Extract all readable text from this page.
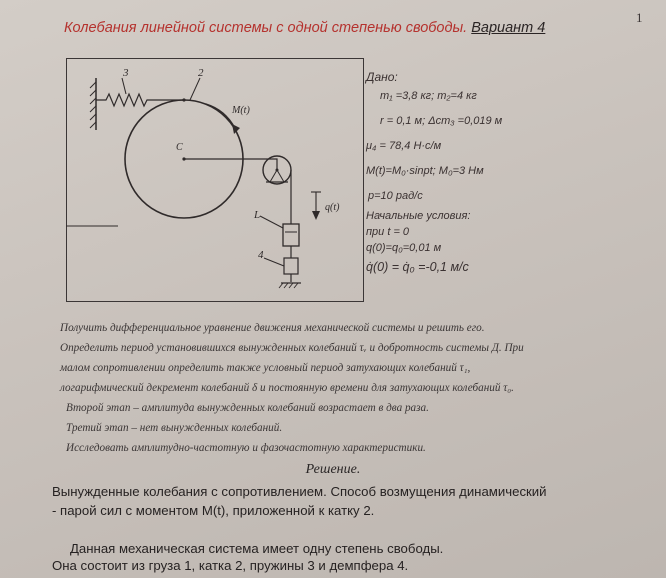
1
Колебания линейной системы с одной степенью свободы. Вариант 4
3
C
2
M(t)
L
4
q(t)
Дано:
m₁ =3,8 кг; m₂=4 кг
r = 0,1 м; Δст₃ =0,019 м
μ₄ = 78,4 Н·с/м
M(t)=M₀·sinpt; M₀=3 Нм
p=10 рад/с
Начальные условия:
при t = 0
q(0)=q₀=0,01 м
q̇(0) = q̇₀ =-0,1 м/с
Получить дифференциальное уравнение движения механической системы и решить его.
Определить период установившихся вынужденных колебаний τᵥ и добротность системы Д. При
малом сопротивлении определить также условный период затухающих колебаний τ₁,
логарифмический декремент колебаний δ и постоянную времени для затухающих колебаний τ₀.
Второй этап – амплитуда вынужденных колебаний возрастает в два раза.
Третий этап – нет вынужденных колебаний.
Исследовать амплитудно-частотную и фазочастотную характеристики.
Решение.
Вынужденные колебания с сопротивлением. Способ возмущения динамический
- парой сил с моментом M(t), приложенной к катку 2.
Данная механическая система имеет одну степень свободы.
Она состоит из груза 1, катка 2, пружины 3 и демпфера 4.
